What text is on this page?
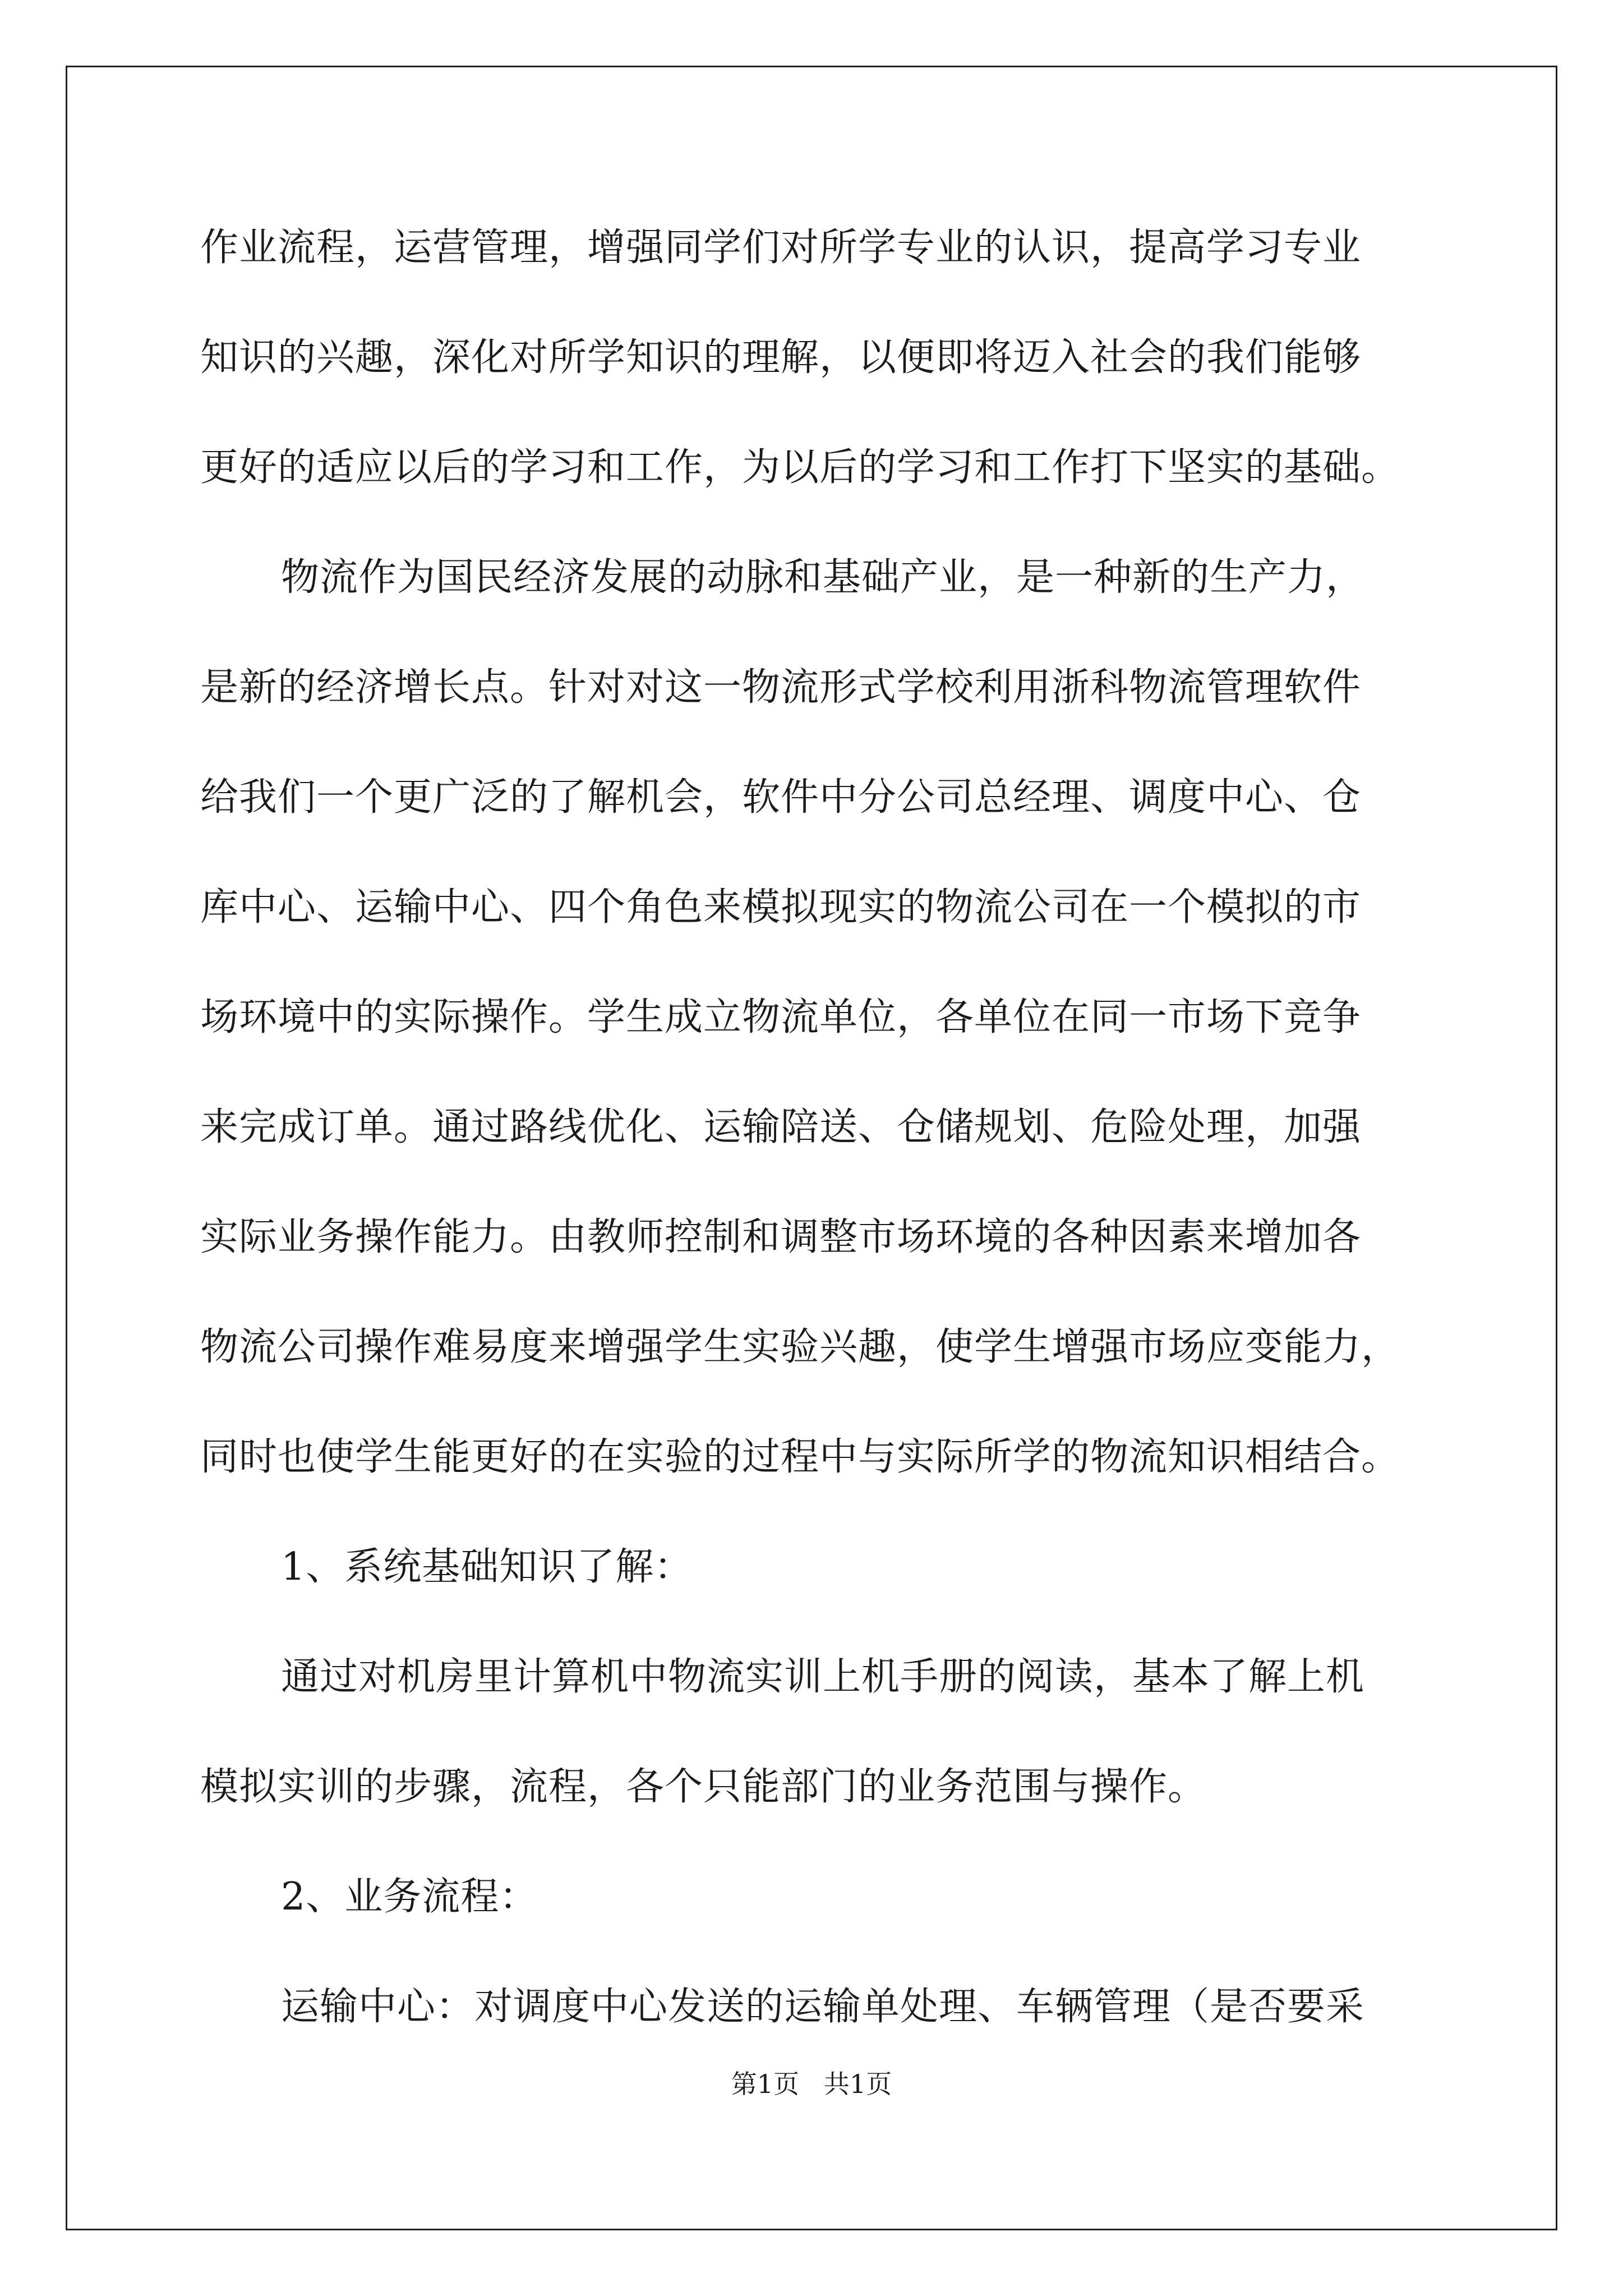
作业流程，运营管理，增强同学们对所学专业的认识，提高学习专业
知识的兴趣，深化对所学知识的理解，以便即将迈入社会的我们能够
更好的适应以后的学习和工作，为以后的学习和工作打下坚实的基础。
物流作为国民经济发展的动脉和基础产业，是一种新的生产力，
是新的经济增长点。针对对这一物流形式学校利用浙科物流管理软件
给我们一个更广泛的了解机会，软件中分公司总经理、调度中心、仓
库中心、运输中心、四个角色来模拟现实的物流公司在一个模拟的市
场环境中的实际操作。学生成立物流单位，各单位在同一市场下竞争
来完成订单。通过路线优化、运输陪送、仓储规划、危险处理，加强
实际业务操作能力。由教师控制和调整市场环境的各种因素来增加各
物流公司操作难易度来增强学生实验兴趣，使学生增强市场应变能力，
同时也使学生能更好的在实验的过程中与实际所学的物流知识相结合。
1、系统基础知识了解：
通过对机房里计算机中物流实训上机手册的阅读，基本了解上机
模拟实训的步骤，流程，各个只能部门的业务范围与操作。
2、业务流程：
运输中心：对调度中心发送的运输单处理、车辆管理（是否要采
第1页   共1页
